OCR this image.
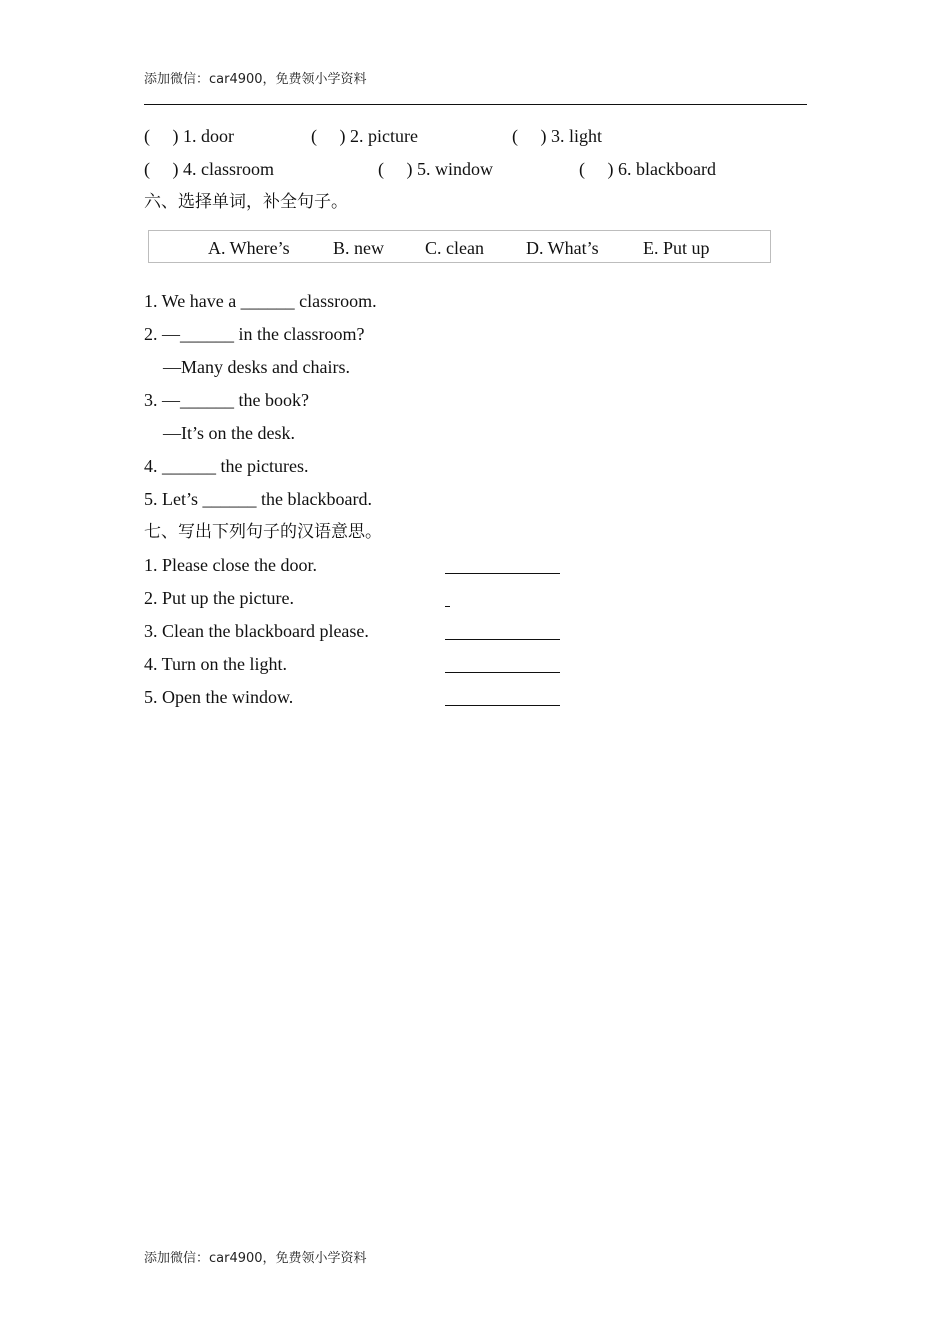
添加微信：car4900，免费领小学资料
(     ) 1. door	(     ) 2. picture	(     ) 3. light
(     ) 4. classroom	(     ) 5. window	(     ) 6. blackboard
六、选择单词，补全句子。
A. Where’s B. new C. clean D. What’s E. Put up
1. We have a ______ classroom.
2. —______ in the classroom?
—Many desks and chairs.
3. —______ the book?
—It’s on the desk.
4. ______ the pictures.
5. Let’s ______ the blackboard.
七、写出下列句子的汉语意思。
1. Please close the door.
2. Put up the picture.
3. Clean the blackboard please.
4. Turn on the light.
5. Open the window.
添加微信：car4900，免费领小学资料
